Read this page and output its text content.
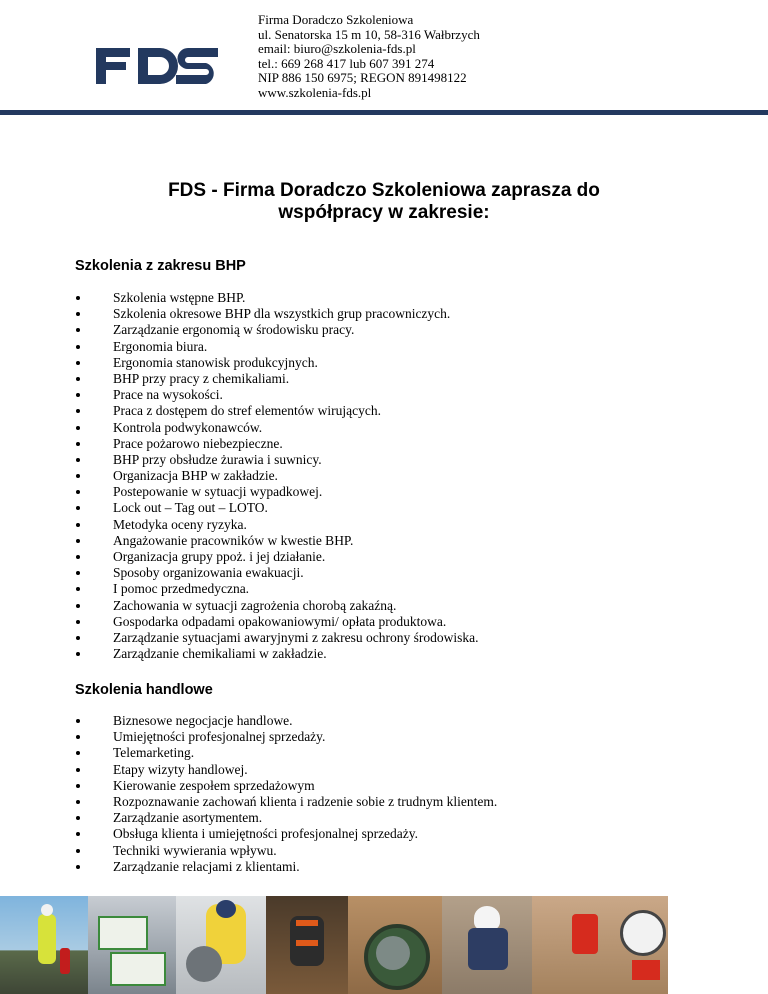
Firma Doradczo Szkoleniowa
ul. Senatorska 15 m 10, 58-316 Wałbrzych
email: biuro@szkolenia-fds.pl
tel.: 669 268 417 lub 607 391 274
NIP 886 150 6975; REGON 891498122
www.szkolenia-fds.pl
FDS - Firma Doradczo Szkoleniowa zaprasza do
współpracy w zakresie:
Szkolenia z zakresu BHP
Szkolenia wstępne BHP.
Szkolenia okresowe BHP dla wszystkich grup pracowniczych.
Zarządzanie ergonomią w środowisku pracy.
Ergonomia biura.
Ergonomia stanowisk produkcyjnych.
BHP przy pracy z chemikaliami.
Prace na wysokości.
Praca z dostępem do stref elementów wirujących.
Kontrola podwykonawców.
Prace pożarowo niebezpieczne.
BHP przy obsłudze żurawia i suwnicy.
Organizacja BHP w zakładzie.
Postepowanie w sytuacji wypadkowej.
Lock out – Tag out – LOTO.
Metodyka oceny ryzyka.
Angażowanie pracowników w kwestie BHP.
Organizacja grupy ppoż. i jej działanie.
Sposoby organizowania ewakuacji.
I pomoc przedmedyczna.
Zachowania w sytuacji zagrożenia chorobą zakaźną.
Gospodarka odpadami opakowaniowymi/ opłata produktowa.
Zarządzanie sytuacjami awaryjnymi z zakresu ochrony środowiska.
Zarządzanie chemikaliami w zakładzie.
Szkolenia handlowe
Biznesowe negocjacje handlowe.
Umiejętności profesjonalnej sprzedaży.
Telemarketing.
Etapy wizyty handlowej.
Kierowanie zespołem sprzedażowym
Rozpoznawanie zachowań klienta i radzenie sobie z trudnym klientem.
Zarządzanie asortymentem.
Obsługa klienta i umiejętności profesjonalnej sprzedaży.
Techniki wywierania wpływu.
Zarządzanie relacjami z klientami.
